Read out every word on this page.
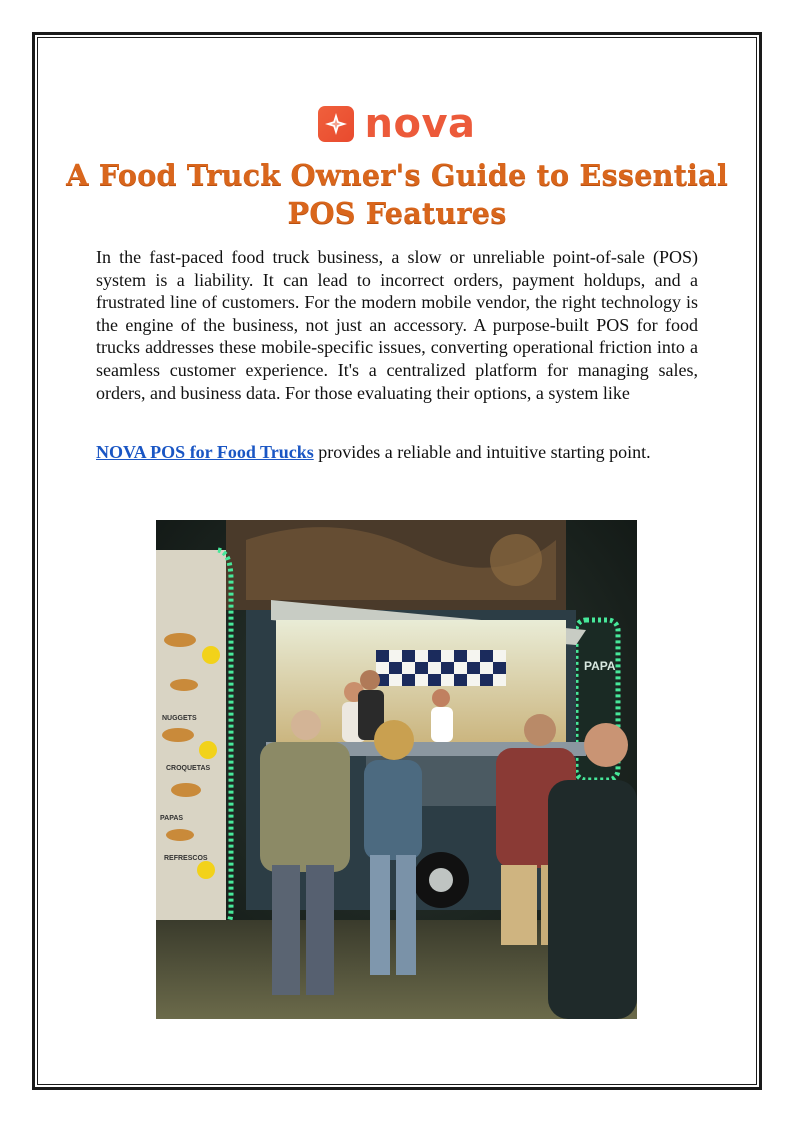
nova
A Food Truck Owner's Guide to Essential POS Features

In the fast-paced food truck business, a slow or unreliable point-of-sale (POS) system is a liability. It can lead to incorrect orders, payment holdups, and a frustrated line of customers. For the modern mobile vendor, the right technology is the engine of the business, not just an accessory. A purpose-built POS for food trucks addresses these mobile-specific issues, converting operational friction into a seamless customer experience. It's a centralized platform for managing sales, orders, and business data. For those evaluating their options, a system like

NOVA POS for Food Trucks provides a reliable and intuitive starting point.

NUGGETS
CROQUETAS
PAPAS
REFRESCOS
PAPA
